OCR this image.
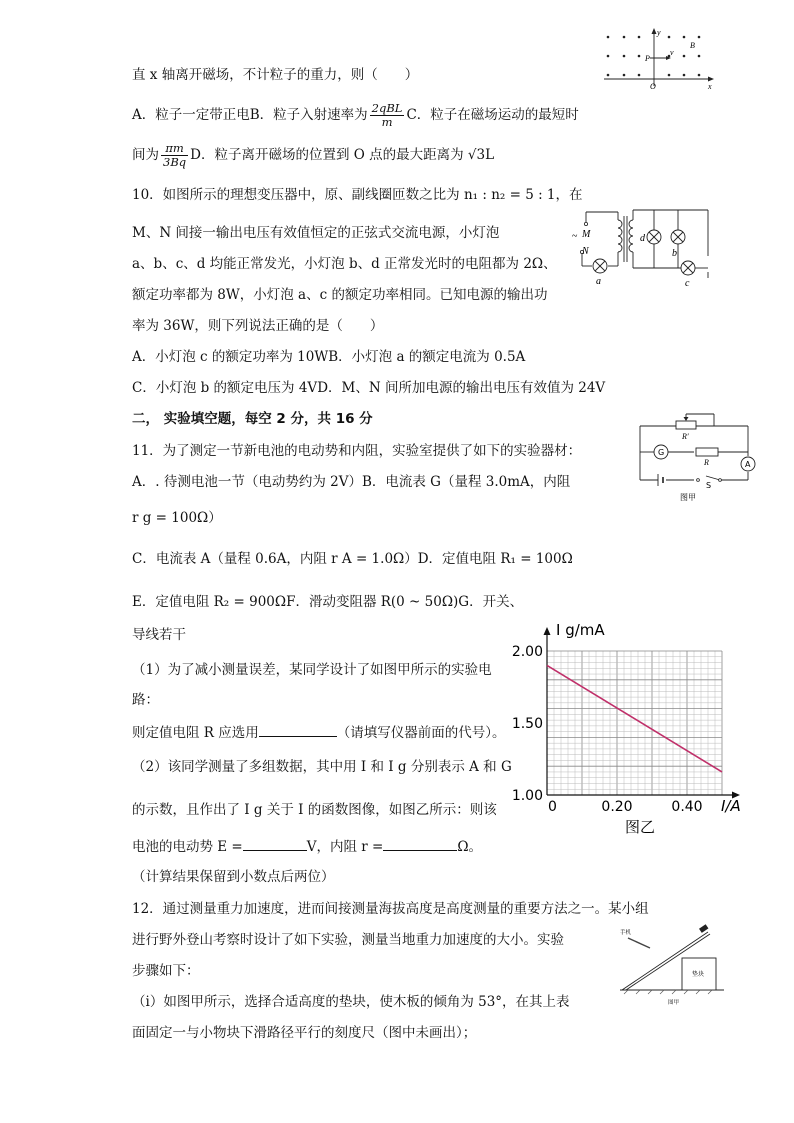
y
v
B
P
O	x
直 x 轴离开磁场，不计粒子的重力，则（　　）
A．粒子一定带正电 B．粒子入射速率为 $\frac{\text{2qBL}}{m}$ C．粒子在磁场运动的最短时
间为 $\frac{\pi m}{3Bq}$ D．粒子离开磁场的位置到 O 点的最大距离为 √3L
10．如图所示的理想变压器中，原、副线圈匝数之比为 n₁ : n₂ = 5 : 1，在
M、N 间接一输出电压有效值恒定的正弦式交流电源，小灯泡
a、b、c、d 均能正常发光，小灯泡 b、d 正常发光时的电阻都为 2Ω、
额定功率都为 8W，小灯泡 a、c 的额定功率相同。已知电源的输出功
率为 36W，则下列说法正确的是（　　）
A．小灯泡 c 的额定功率为 10WB．小灯泡 a 的额定电流为 0.5A
C．小灯泡 b 的额定电压为 4VD．M、N 间所加电源的输出电压有效值为 24V
~ M
N
a
d
b
c
二， 实验填空题，每空 2 分，共 16 分
R′
G
R	A
S
图甲
11．为了测定一节新电池的电动势和内阻，实验室提供了如下的实验器材：
A．. 待测电池一节（电动势约为 2V）B．电流表 G（量程 3.0mA，内阻
r g = 100Ω）
C．电流表 A（量程 0.6A，内阻 r A = 1.0Ω）D．定值电阻 R₁ = 100Ω
E．定值电阻 R₂ = 900ΩF．滑动变阻器 R(0 ~ 50Ω)G．开关、
导线若干
（1）为了减小测量误差，某同学设计了如图甲所示的实验电
路：
则定值电阻 R 应选用	（请填写仪器前面的代号）。
（2）该同学测量了多组数据，其中用 I 和 I g 分别表示 A 和 G
的示数，且作出了 I g 关于 I 的函数图像，如图乙所示：则该
电池的电动势 E =	V，内阻 r =	Ω。
（计算结果保留到小数点后两位）
0	0.20	0.40
1.00
1.50
2.00
I g/mA
I/A
图乙
12．通过测量重力加速度，进而间接测量海拔高度是高度测量的重要方法之一。某小组
进行野外登山考察时设计了如下实验，测量当地重力加速度的大小。实验
步骤如下：
（ⅰ）如图甲所示，选择合适高度的垫块，使木板的倾角为 53°，在其上表
面固定一与小物块下滑路径平行的刻度尺（图中未画出）；
手机
垫块
图甲
